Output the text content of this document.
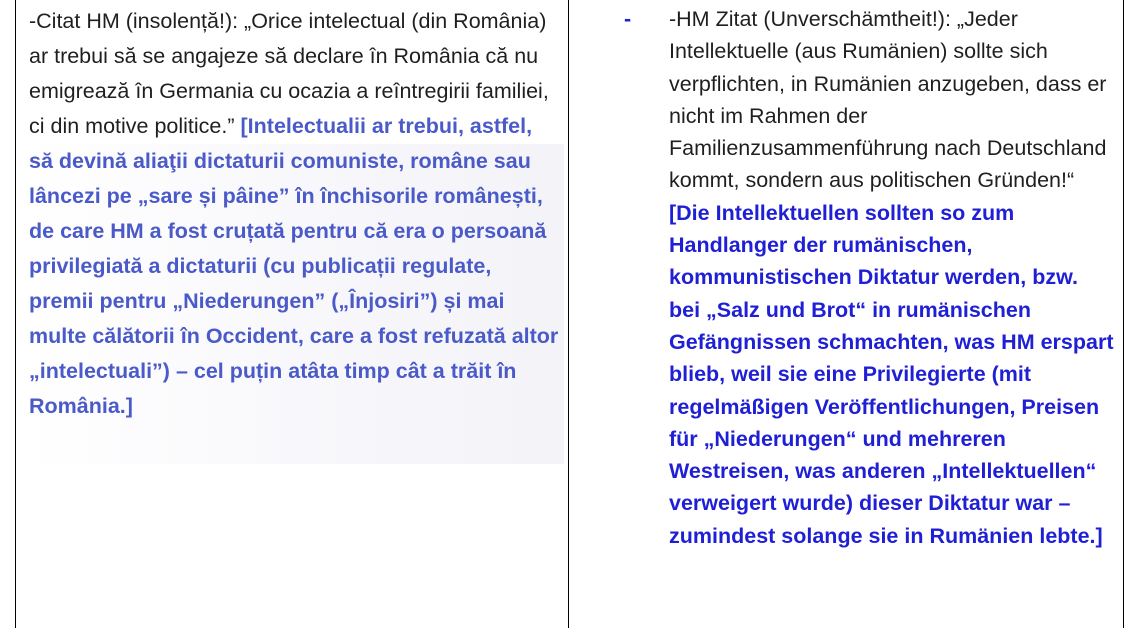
-Citat HM (insolență!): „Orice intelectual (din România) ar trebui să se angajeze să declare în România că nu emigrează în Germania cu ocazia a reîntregirii familiei, ci din motive politice.” [Intelectualii ar trebui, astfel, să devină aliaţii dictaturii comuniste, române sau lâncezi pe „sare și pâine” în închisorile românești, de care HM a fost cruțată pentru că era o persoană privilegiată a dictaturii (cu publicații regulate, premii pentru „Niederungen” („Înjosiri”) și mai multe călătorii în Occident, care a fost refuzată altor „intelectuali”) – cel puțin atâta timp cât a trăit în România.]
- -HM Zitat (Unverschämtheit!): „Jeder Intellektuelle (aus Rumänien) sollte sich verpflichten, in Rumänien anzugeben, dass er nicht im Rahmen der Familienzusammenführung nach Deutschland kommt, sondern aus politischen Gründen!“ [Die Intellektuellen sollten so zum Handlanger der rumänischen, kommunistischen Diktatur werden, bzw. bei „Salz und Brot“ in rumänischen Gefängnissen schmachten, was HM erspart blieb, weil sie eine Privilegierte (mit regelmäßigen Veröffentlichungen, Preisen für „Niederungen“ und mehreren Westreisen, was anderen „Intellektuellen“ verweigert wurde) dieser Diktatur war – zumindest solange sie in Rumänien lebte.]
